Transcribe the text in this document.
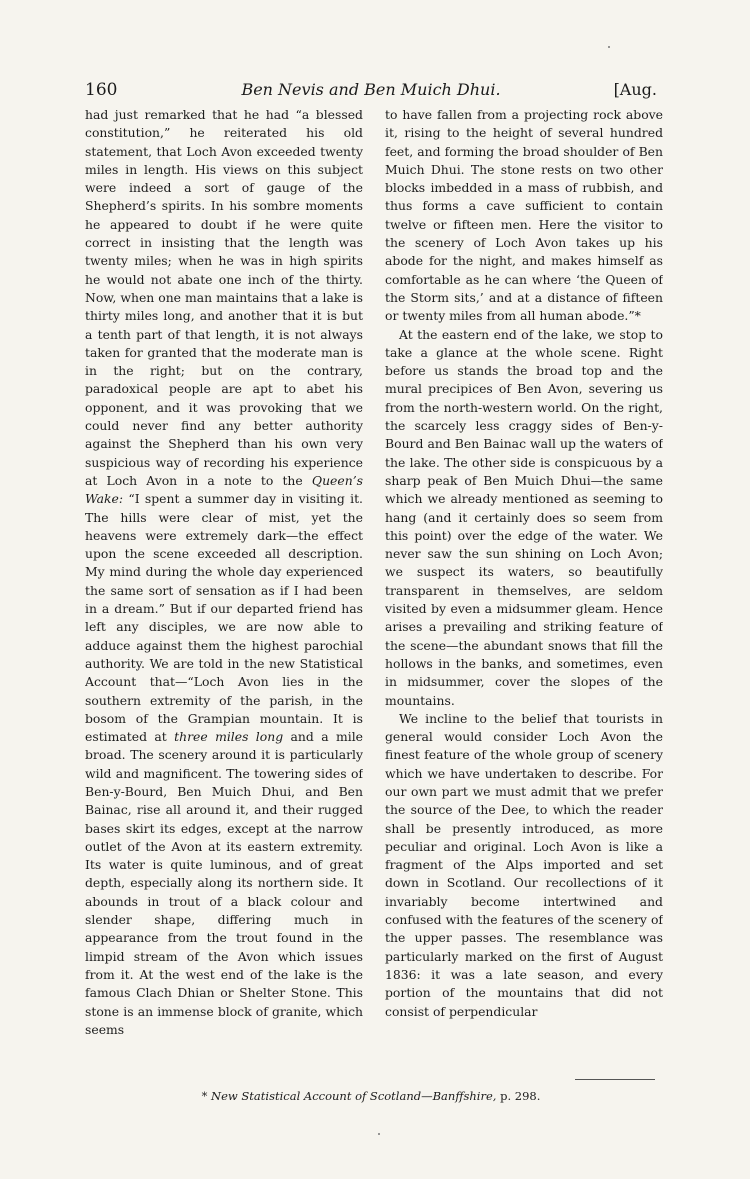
160	Ben Nevis and Ben Muich Dhui.	[Aug.

had just remarked that he had “a blessed constitution,” he reiterated his old statement, that Loch Avon exceeded twenty miles in length. His views on this subject were indeed a sort of gauge of the Shepherd’s spirits. In his sombre moments he appeared to doubt if he were quite correct in insisting that the length was twenty miles; when he was in high spirits he would not abate one inch of the thirty. Now, when one man maintains that a lake is thirty miles long, and another that it is but a tenth part of that length, it is not always taken for granted that the moderate man is in the right; but on the contrary, paradoxical people are apt to abet his opponent, and it was provoking that we could never find any better authority against the Shepherd than his own very suspicious way of recording his experience at Loch Avon in a note to the Queen’s Wake: “I spent a summer day in visiting it. The hills were clear of mist, yet the heavens were extremely dark—the effect upon the scene exceeded all description. My mind during the whole day experienced the same sort of sensation as if I had been in a dream.” But if our departed friend has left any disciples, we are now able to adduce against them the highest parochial authority. We are told in the new Statistical Account that—“Loch Avon lies in the southern extremity of the parish, in the bosom of the Grampian mountain. It is estimated at three miles long and a mile broad. The scenery around it is particularly wild and magnificent. The towering sides of Ben-y-Bourd, Ben Muich Dhui, and Ben Bainac, rise all around it, and their rugged bases skirt its edges, except at the narrow outlet of the Avon at its eastern extremity. Its water is quite luminous, and of great depth, especially along its northern side. It abounds in trout of a black colour and slender shape, differing much in appearance from the trout found in the limpid stream of the Avon which issues from it. At the west end of the lake is the famous Clach Dhian or Shelter Stone. This stone is an immense block of granite, which seems

to have fallen from a projecting rock above it, rising to the height of several hundred feet, and forming the broad shoulder of Ben Muich Dhui. The stone rests on two other blocks imbedded in a mass of rubbish, and thus forms a cave sufficient to contain twelve or fifteen men. Here the visitor to the scenery of Loch Avon takes up his abode for the night, and makes himself as comfortable as he can where ‘the Queen of the Storm sits,’ and at a distance of fifteen or twenty miles from all human abode.”*

At the eastern end of the lake, we stop to take a glance at the whole scene. Right before us stands the broad top and the mural precipices of Ben Avon, severing us from the north-western world. On the right, the scarcely less craggy sides of Ben-y-Bourd and Ben Bainac wall up the waters of the lake. The other side is conspicuous by a sharp peak of Ben Muich Dhui—the same which we already mentioned as seeming to hang (and it certainly does so seem from this point) over the edge of the water. We never saw the sun shining on Loch Avon; we suspect its waters, so beautifully transparent in themselves, are seldom visited by even a midsummer gleam. Hence arises a prevailing and striking feature of the scene—the abundant snows that fill the hollows in the banks, and sometimes, even in midsummer, cover the slopes of the mountains.

We incline to the belief that tourists in general would consider Loch Avon the finest feature of the whole group of scenery which we have undertaken to describe. For our own part we must admit that we prefer the source of the Dee, to which the reader shall be presently introduced, as more peculiar and original. Loch Avon is like a fragment of the Alps imported and set down in Scotland. Our recollections of it invariably become intertwined and confused with the features of the scenery of the upper passes. The resemblance was particularly marked on the first of August 1836: it was a late season, and every portion of the mountains that did not consist of perpendicular

* New Statistical Account of Scotland—Banffshire, p. 298.
